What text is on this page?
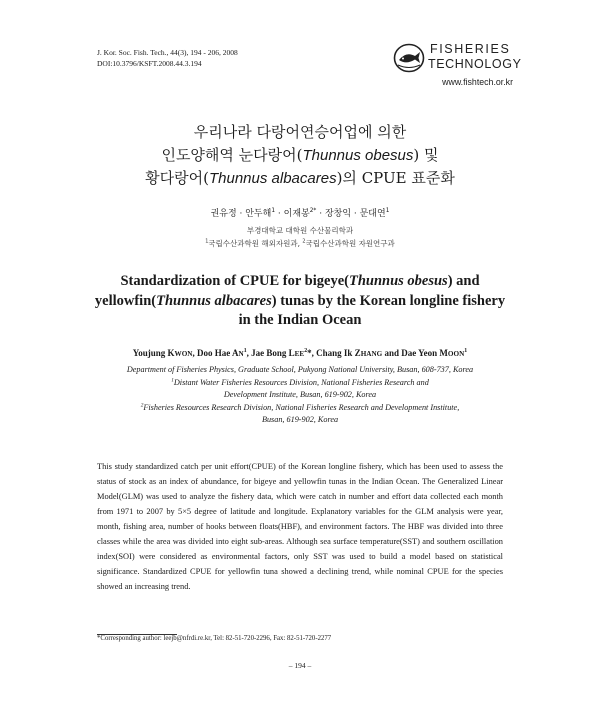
J. Kor. Soc. Fish. Tech., 44(3), 194 - 206, 2008
DOI:10.3796/KSFT.2008.44.3.194
FISHERIES
TECHNOLOGY
www.fishtech.or.kr
우리나라 다랑어연승어업에 의한
인도양해역 눈다랑어(Thunnus obesus) 및
황다랑어(Thunnus albacares)의 CPUE 표준화
권유정 · 안두해$^1$ · 이재봉$^{2*}$ · 장창익 · 문대연$^1$
부경대학교 대학원 수산물리학과
$^1$국립수산과학원 해외자원과, $^2$국립수산과학원 자원연구과
Standardization of CPUE for bigeye(Thunnus obesus) and
yellowfin(Thunnus albacares) tunas by the Korean longline fishery
in the Indian Ocean
Youjung KWON, Doo Hae $AN^1$, Jae Bong LEE$^2$*, Chang Ik ZHANG and Dae Yeon MOON$^1$
Department of Fisheries Physics, Graduate School, Pukyong National University, Busan, 608-737, Korea
$^1$Distant Water Fisheries Resources Division, National Fisheries Research and
Development Institute, Busan, 619-902, Korea
$^2$Fisheries Resources Research Division, National Fisheries Research and Development Institute,
Busan, 619-902, Korea

This study standardized catch per unit effort(CPUE) of the Korean longline fishery, which has been used to assess the status of stock as an index of abundance, for bigeye and yellowfin tunas in the Indian Ocean. The Generalized Linear Model(GLM) was used to analyze the fishery data, which were catch in number and effort data collected each month from 1971 to 2007 by 5×5 degree of latitude and longitude. Explanatory variables for the GLM analysis were year, month, fishing area, number of hooks between floats(HBF), and environment factors. The HBF was divided into three classes while the area was divided into eight sub-areas. Although sea surface temperature(SST) and southern oscillation index(SOI) were considered as environmental factors, only SST was used to build a model based on statistical significance. Standardized CPUE for yellowfin tuna showed a declining trend, while nominal CPUE for the species showed an increasing trend.

*Corresponding author: leejb@nfrdi.re.kr, Tel: 82-51-720-2296, Fax: 82-51-720-2277
– 194 –
